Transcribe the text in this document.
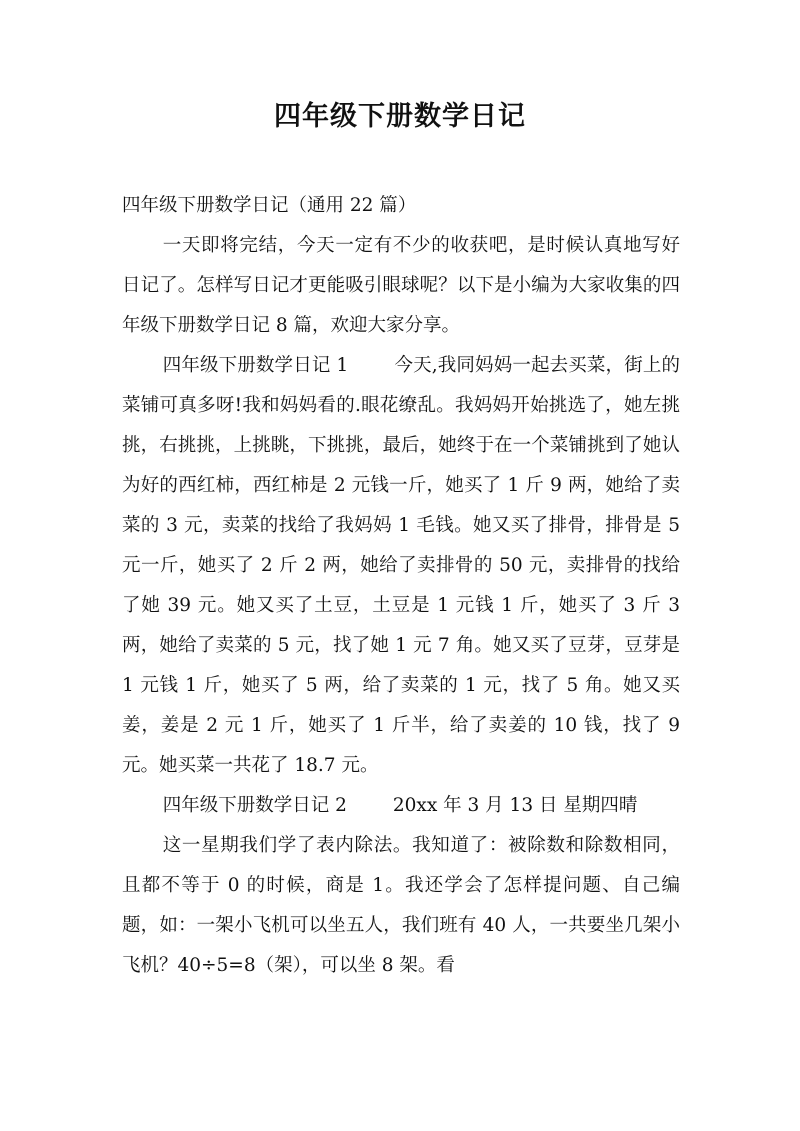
四年级下册数学日记

四年级下册数学日记（通用 22 篇）

一天即将完结，今天一定有不少的收获吧，是时候认真地写好日记了。怎样写日记才更能吸引眼球呢？以下是小编为大家收集的四年级下册数学日记 8 篇，欢迎大家分享。

四年级下册数学日记 1 今天,我同妈妈一起去买菜，街上的菜铺可真多呀!我和妈妈看的.眼花缭乱。我妈妈开始挑选了，她左挑挑，右挑挑，上挑眺，下挑挑，最后，她终于在一个菜铺挑到了她认为好的西红柿，西红柿是 2 元钱一斤，她买了 1 斤 9 两，她给了卖菜的 3 元，卖菜的找给了我妈妈 1 毛钱。她又买了排骨，排骨是 5 元一斤，她买了 2 斤 2 两，她给了卖排骨的 50 元，卖排骨的找给了她 39 元。她又买了土豆，土豆是 1 元钱 1 斤，她买了 3 斤 3 两，她给了卖菜的 5 元，找了她 1 元 7 角。她又买了豆芽，豆芽是 1 元钱 1 斤，她买了 5 两，给了卖菜的 1 元，找了 5 角。她又买姜，姜是 2 元 1 斤，她买了 1 斤半，给了卖姜的 10 钱，找了 9 元。她买菜一共花了 18.7 元。

四年级下册数学日记 2 20xx 年 3 月 13 日 星期四晴

这一星期我们学了表内除法。我知道了：被除数和除数相同，且都不等于 0 的时候，商是 1。我还学会了怎样提问题、自己编题，如：一架小飞机可以坐五人，我们班有 40 人，一共要坐几架小飞机？40÷5=8（架），可以坐 8 架。看
